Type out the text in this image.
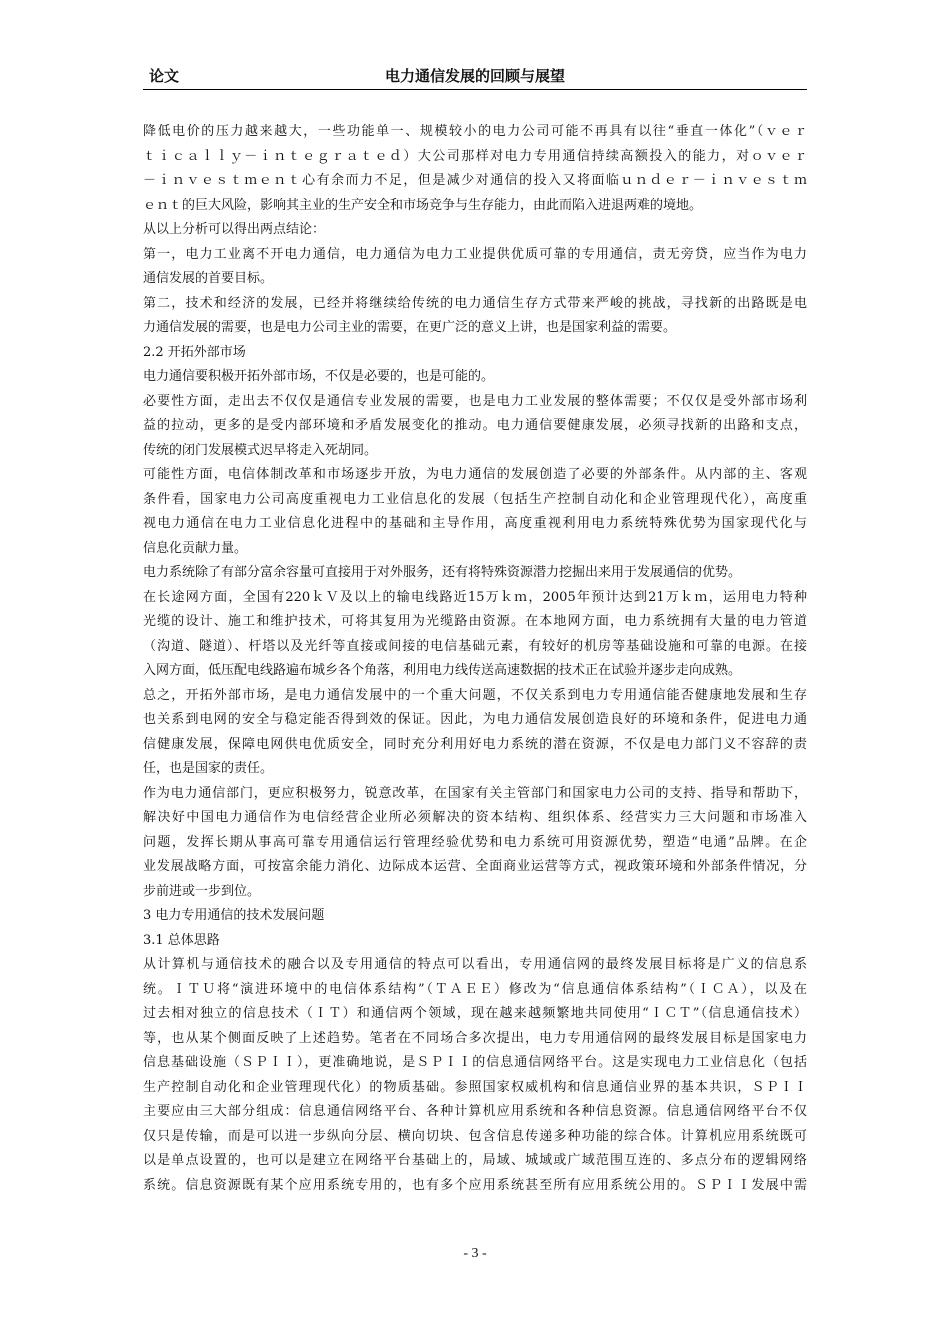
论文	电力通信发展的回顾与展望
降低电价的压力越来越大，一些功能单一、规模较小的电力公司可能不再具有以往“垂直一体化”（ｖｅｒ
ｔｉｃａｌｌｙ－ｉｎｔｅｇｒａｔｅｄ）大公司那样对电力专用通信持续高额投入的能力，对ｏｖｅｒ
－ｉｎｖｅｓｔｍｅｎｔ心有余而力不足，但是减少对通信的投入又将面临ｕｎｄｅｒ－ｉｎｖｅｓｔｍ
ｅｎｔ的巨大风险，影响其主业的生产安全和市场竞争与生存能力，由此而陷入进退两难的境地。
从以上分析可以得出两点结论：
第一，电力工业离不开电力通信，电力通信为电力工业提供优质可靠的专用通信，责无旁贷，应当作为电力
通信发展的首要目标。
第二，技术和经济的发展，已经并将继续给传统的电力通信生存方式带来严峻的挑战，寻找新的出路既是电
力通信发展的需要，也是电力公司主业的需要，在更广泛的意义上讲，也是国家利益的需要。
2.2 开拓外部市场
电力通信要积极开拓外部市场，不仅是必要的，也是可能的。
必要性方面，走出去不仅仅是通信专业发展的需要，也是电力工业发展的整体需要；不仅仅是受外部市场利
益的拉动，更多的是受内部环境和矛盾发展变化的推动。电力通信要健康发展，必须寻找新的出路和支点，
传统的闭门发展模式迟早将走入死胡同。
可能性方面，电信体制改革和市场逐步开放，为电力通信的发展创造了必要的外部条件。从内部的主、客观
条件看，国家电力公司高度重视电力工业信息化的发展（包括生产控制自动化和企业管理现代化），高度重
视电力通信在电力工业信息化进程中的基础和主导作用，高度重视利用电力系统特殊优势为国家现代化与
信息化贡献力量。
电力系统除了有部分富余容量可直接用于对外服务，还有将特殊资源潜力挖掘出来用于发展通信的优势。
在长途网方面，全国有220ｋＶ及以上的输电线路近15万ｋｍ，2005年预计达到21万ｋｍ，运用电力特种
光缆的设计、施工和维护技术，可将其复用为光缆路由资源。在本地网方面，电力系统拥有大量的电力管道
（沟道、隧道）、杆塔以及光纤等直接或间接的电信基础元素，有较好的机房等基础设施和可靠的电源。在接
入网方面，低压配电线路遍布城乡各个角落，利用电力线传送高速数据的技术正在试验并逐步走向成熟。
总之，开拓外部市场，是电力通信发展中的一个重大问题，不仅关系到电力专用通信能否健康地发展和生存
也关系到电网的安全与稳定能否得到效的保证。因此，为电力通信发展创造良好的环境和条件，促进电力通
信健康发展，保障电网供电优质安全，同时充分利用好电力系统的潜在资源，不仅是电力部门义不容辞的责
任，也是国家的责任。
作为电力通信部门，更应积极努力，锐意改革，在国家有关主管部门和国家电力公司的支持、指导和帮助下，
解决好中国电力通信作为电信经营企业所必须解决的资本结构、组织体系、经营实力三大问题和市场准入
问题，发挥长期从事高可靠专用通信运行管理经验优势和电力系统可用资源优势，塑造“电通”品牌。在企
业发展战略方面，可按富余能力消化、边际成本运营、全面商业运营等方式，视政策环境和外部条件情况，分
步前进或一步到位。
3 电力专用通信的技术发展问题
3.1 总体思路
从计算机与通信技术的融合以及专用通信的特点可以看出，专用通信网的最终发展目标将是广义的信息系
统。ＩＴＵ将“演进环境中的电信体系结构”（ＴＡＥＥ）修改为“信息通信体系结构”（ＩＣＡ），以及在
过去相对独立的信息技术（ＩＴ）和通信两个领域，现在越来越频繁地共同使用“ＩＣＴ”（信息通信技术）
等，也从某个侧面反映了上述趋势。笔者在不同场合多次提出，电力专用通信网的最终发展目标是国家电力
信息基础设施（ＳＰＩＩ），更准确地说，是ＳＰＩＩ的信息通信网络平台。这是实现电力工业信息化（包括
生产控制自动化和企业管理现代化）的物质基础。参照国家权威机构和信息通信业界的基本共识，ＳＰＩＩ
主要应由三大部分组成：信息通信网络平台、各种计算机应用系统和各种信息资源。信息通信网络平台不仅
仅只是传输，而是可以进一步纵向分层、横向切块、包含信息传递多种功能的综合体。计算机应用系统既可
以是单点设置的，也可以是建立在网络平台基础上的，局域、城域或广域范围互连的、多点分布的逻辑网络
系统。信息资源既有某个应用系统专用的，也有多个应用系统甚至所有应用系统公用的。ＳＰＩＩ发展中需
- 3 -
